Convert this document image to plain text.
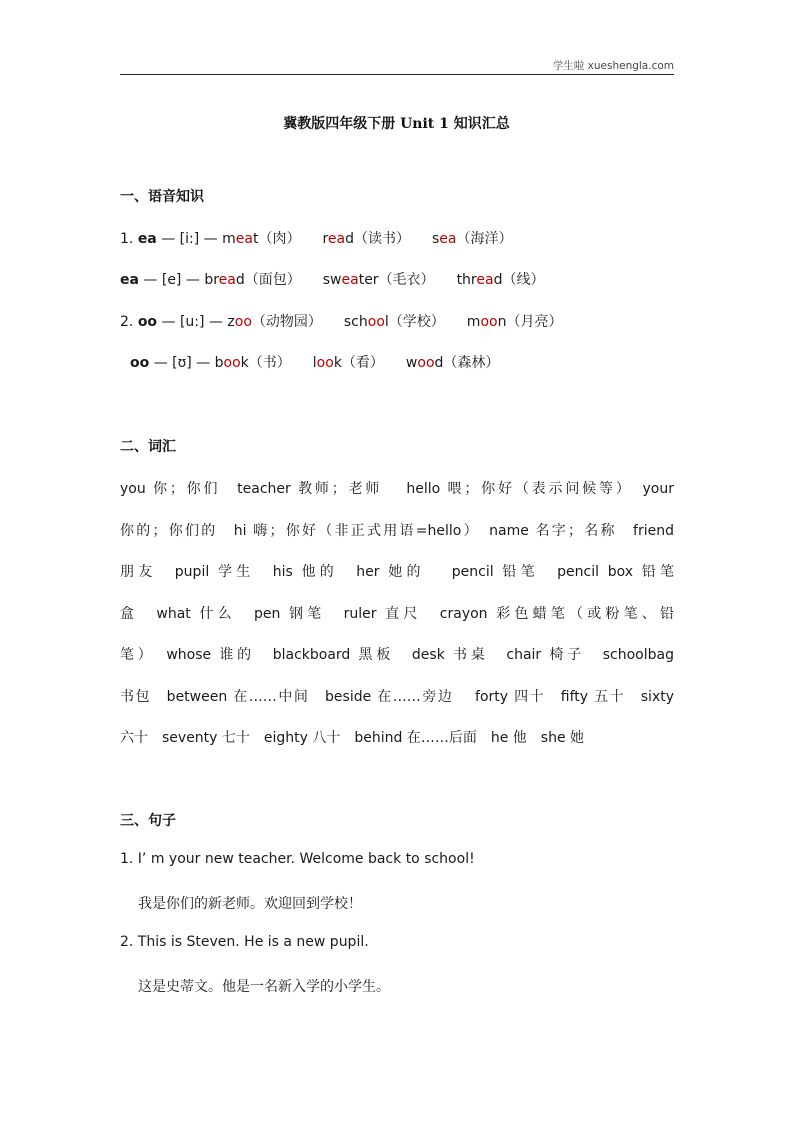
学生啦 xueshengla.com
冀教版四年级下册 Unit 1 知识汇总
一、语音知识
1. ea — [i:] — meat（肉） read（读书） sea（海洋）
ea — [e] — bread（面包） sweater（毛衣） thread（线）
2. oo — [u:] — zoo（动物园） school（学校） moon（月亮）
oo — [ʊ] — book（书） look（看） wood（森林）
二、词汇
you 你；你们　teacher 教师；老师　 hello 喂；你好（表示问候等）　your
你的；你们的　hi 嗨；你好（非正式用语=hello）　name 名字；名称　friend
朋友　pupil 学生　his 他的　her 她的　 pencil 铅笔　pencil box 铅笔
盒　what 什么　pen 钢笔　ruler 直尺　crayon 彩色蜡笔（或粉笔、铅
笔）　whose 谁的　blackboard 黑板　desk 书桌　chair 椅子　schoolbag
书包　between 在……中间　beside 在……旁边　 forty 四十　fifty 五十　sixty
六十　seventy 七十　eighty 八十　behind 在……后面　he 他　she 她
三、句子
1. I’ m your new teacher. Welcome back to school!
我是你们的新老师。欢迎回到学校！
2. This is Steven. He is a new pupil.
这是史蒂文。他是一名新入学的小学生。
